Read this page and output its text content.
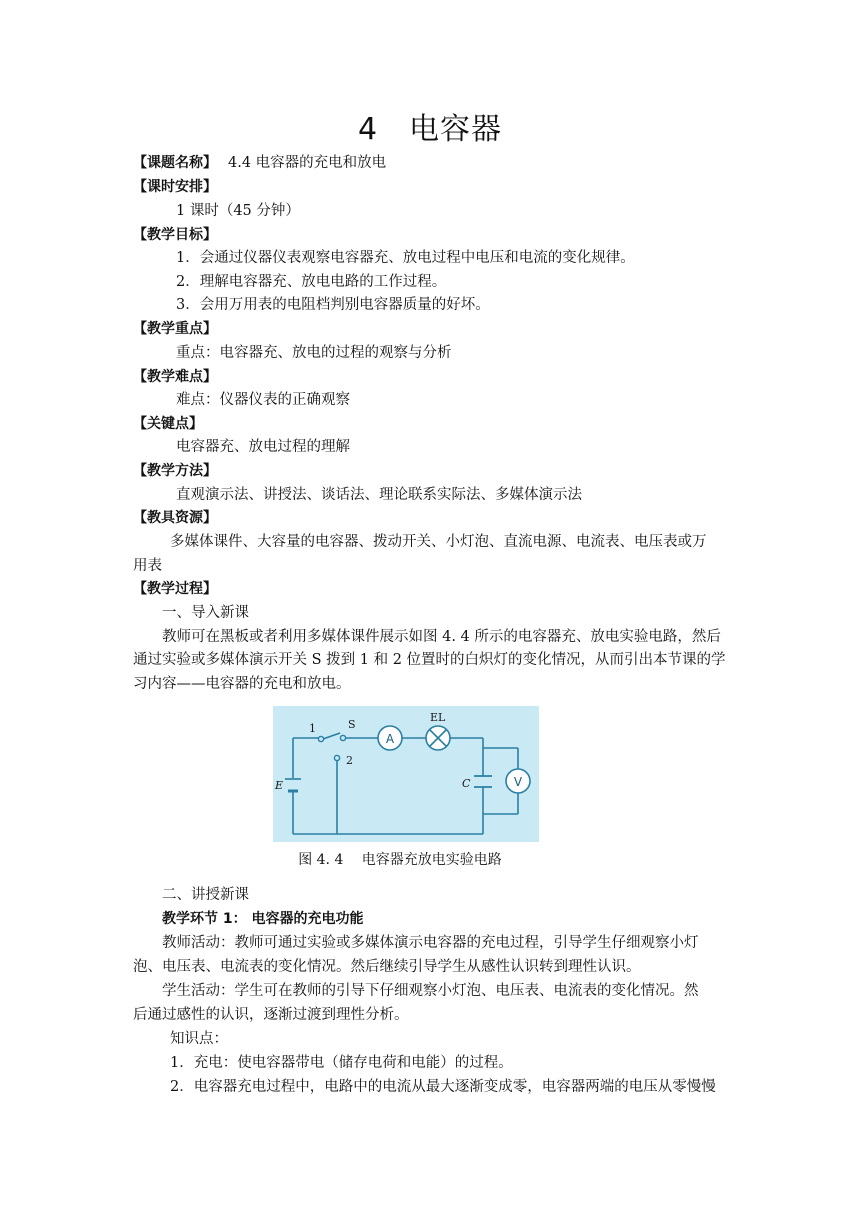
4　电容器
【课题名称】 4.4 电容器的充电和放电
【课时安排】
1 课时（45 分钟）
【教学目标】
1．会通过仪器仪表观察电容器充、放电过程中电压和电流的变化规律。
2．理解电容器充、放电电路的工作过程。
3．会用万用表的电阻档判别电容器质量的好坏。
【教学重点】
重点：电容器充、放电的过程的观察与分析
【教学难点】
难点：仪器仪表的正确观察
【关键点】
电容器充、放电过程的理解
【教学方法】
直观演示法、讲授法、谈话法、理论联系实际法、多媒体演示法
【教具资源】
多媒体课件、大容量的电容器、拨动开关、小灯泡、直流电源、电流表、电压表或万
用表
【教学过程】
一、导入新课
教师可在黑板或者利用多媒体课件展示如图 4. 4 所示的电容器充、放电实验电路，然后
通过实验或多媒体演示开关 S 拨到 1 和 2 位置时的白炽灯的变化情况，从而引出本节课的学
习内容——电容器的充电和放电。
A
V
1	S
2
EL
E	C
图 4. 4　 电容器充放电实验电路
二、讲授新课
教学环节 1： 电容器的充电功能
教师活动：教师可通过实验或多媒体演示电容器的充电过程，引导学生仔细观察小灯
泡、电压表、电流表的变化情况。然后继续引导学生从感性认识转到理性认识。
学生活动：学生可在教师的引导下仔细观察小灯泡、电压表、电流表的变化情况。然
后通过感性的认识，逐渐过渡到理性分析。
知识点：
1．充电：使电容器带电（储存电荷和电能）的过程。
2．电容器充电过程中，电路中的电流从最大逐渐变成零，电容器两端的电压从零慢慢
